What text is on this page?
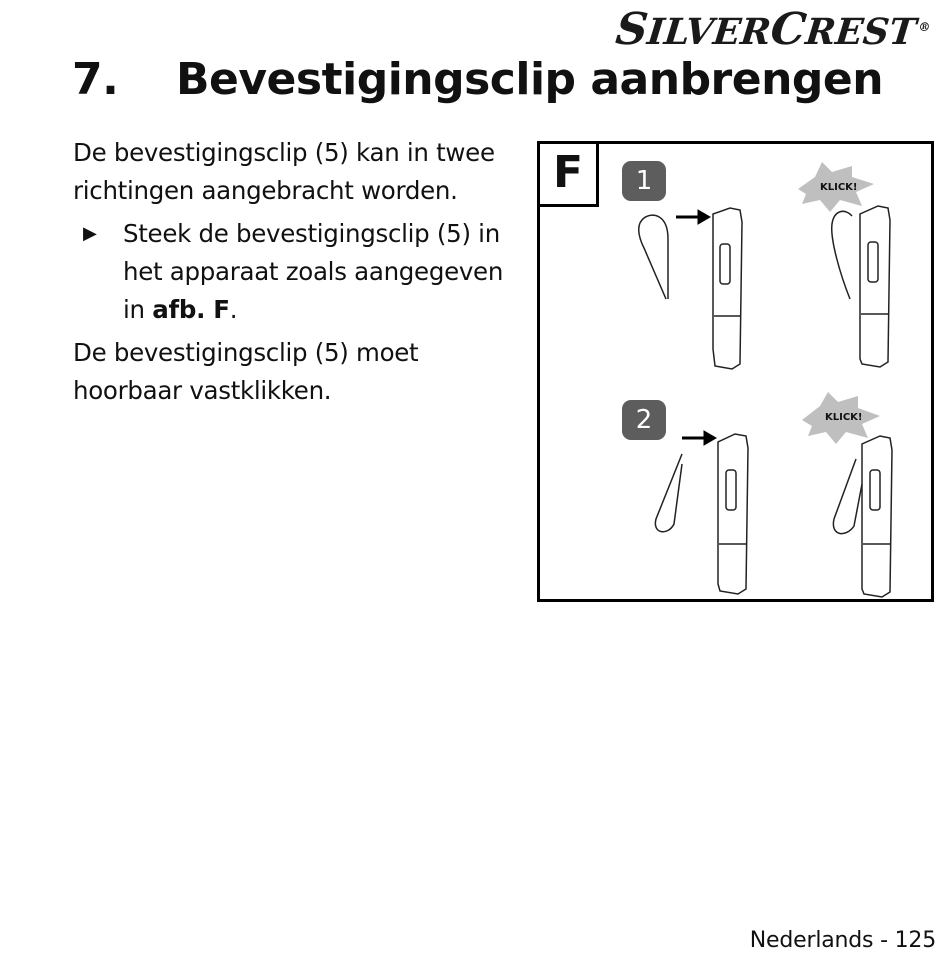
SILVERCREST®
7. Bevestigingsclip aanbrengen

De bevestigingsclip (5) kan in twee richtingen aangebracht worden.

▶	Steek de bevestigingsclip (5) in het apparaat zoals aangegeven in afb. F.

De bevestigingsclip (5) moet hoorbaar vastklikken.

F	1
2
KLICK!
KLICK!
Nederlands - 125
